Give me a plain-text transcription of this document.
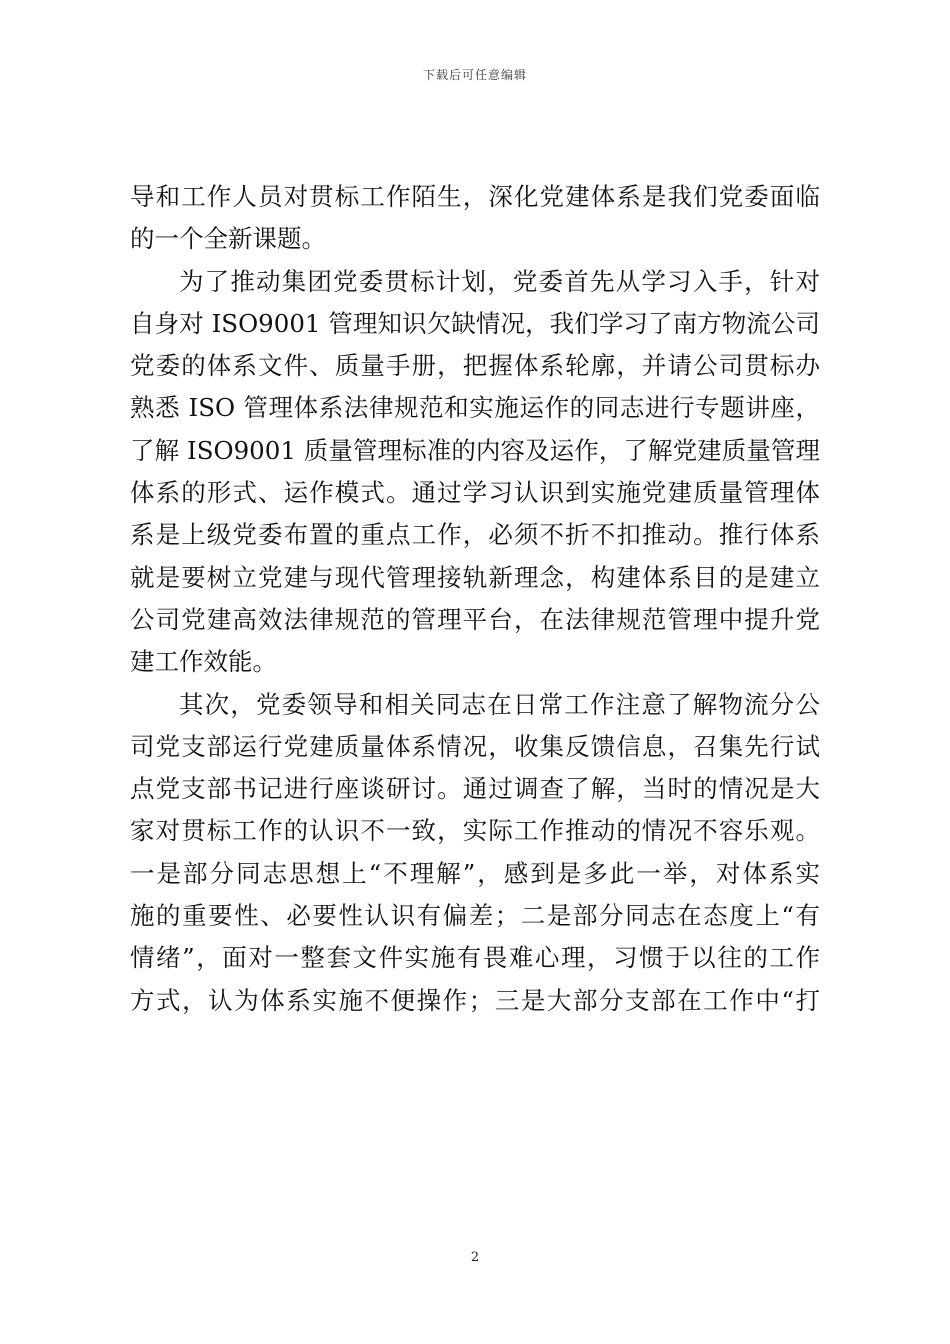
下载后可任意编辑
导和工作人员对贯标工作陌生，深化党建体系是我们党委面临
的一个全新课题。
为了推动集团党委贯标计划，党委首先从学习入手，针对
自身对 ISO9001 管理知识欠缺情况，我们学习了南方物流公司
党委的体系文件、质量手册，把握体系轮廓，并请公司贯标办
熟悉 ISO 管理体系法律规范和实施运作的同志进行专题讲座，
了解 ISO9001 质量管理标准的内容及运作，了解党建质量管理
体系的形式、运作模式。通过学习认识到实施党建质量管理体
系是上级党委布置的重点工作，必须不折不扣推动。推行体系
就是要树立党建与现代管理接轨新理念，构建体系目的是建立
公司党建高效法律规范的管理平台，在法律规范管理中提升党
建工作效能。
其次，党委领导和相关同志在日常工作注意了解物流分公
司党支部运行党建质量体系情况，收集反馈信息，召集先行试
点党支部书记进行座谈研讨。通过调查了解，当时的情况是大
家对贯标工作的认识不一致，实际工作推动的情况不容乐观。
一是部分同志思想上“不理解”，感到是多此一举，对体系实
施的重要性、必要性认识有偏差；二是部分同志在态度上“有
情绪”，面对一整套文件实施有畏难心理，习惯于以往的工作
方式，认为体系实施不便操作；三是大部分支部在工作中“打
2
